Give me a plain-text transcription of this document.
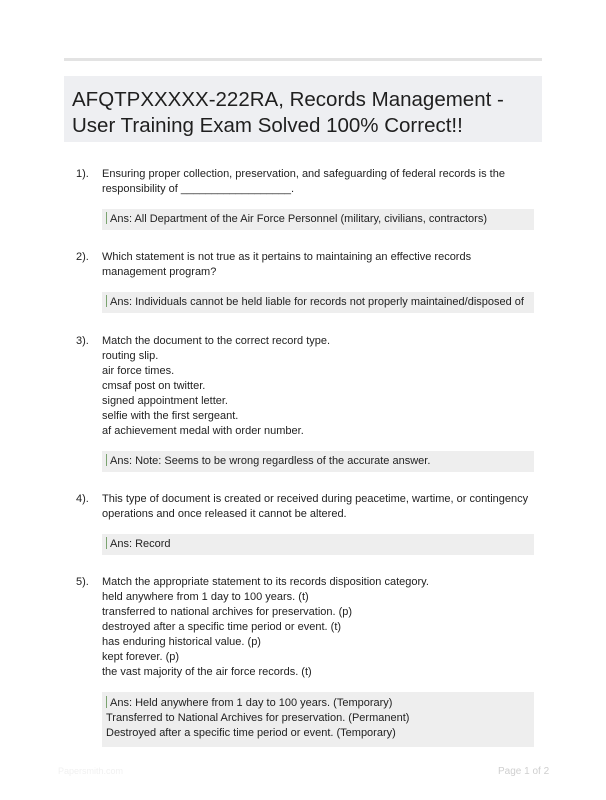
AFQTPXXXXX-222RA, Records Management - User Training Exam Solved 100% Correct!!
1). Ensuring proper collection, preservation, and safeguarding of federal records is the responsibility of __________________.
Ans: All Department of the Air Force Personnel (military, civilians, contractors)
2). Which statement is not true as it pertains to maintaining an effective records management program?
Ans: Individuals cannot be held liable for records not properly maintained/disposed of
3). Match the document to the correct record type.
routing slip.
air force times.
cmsaf post on twitter.
signed appointment letter.
selfie with the first sergeant.
af achievement medal with order number.
Ans: Note: Seems to be wrong regardless of the accurate answer.
4). This type of document is created or received during peacetime, wartime, or contingency operations and once released it cannot be altered.
Ans: Record
5). Match the appropriate statement to its records disposition category.
held anywhere from 1 day to 100 years. (t)
transferred to national archives for preservation. (p)
destroyed after a specific time period or event. (t)
has enduring historical value. (p)
kept forever. (p)
the vast majority of the air force records. (t)
Ans: Held anywhere from 1 day to 100 years. (Temporary)
Transferred to National Archives for preservation. (Permanent)
Destroyed after a specific time period or event. (Temporary)
Papersmith.com	Page 1 of 2
